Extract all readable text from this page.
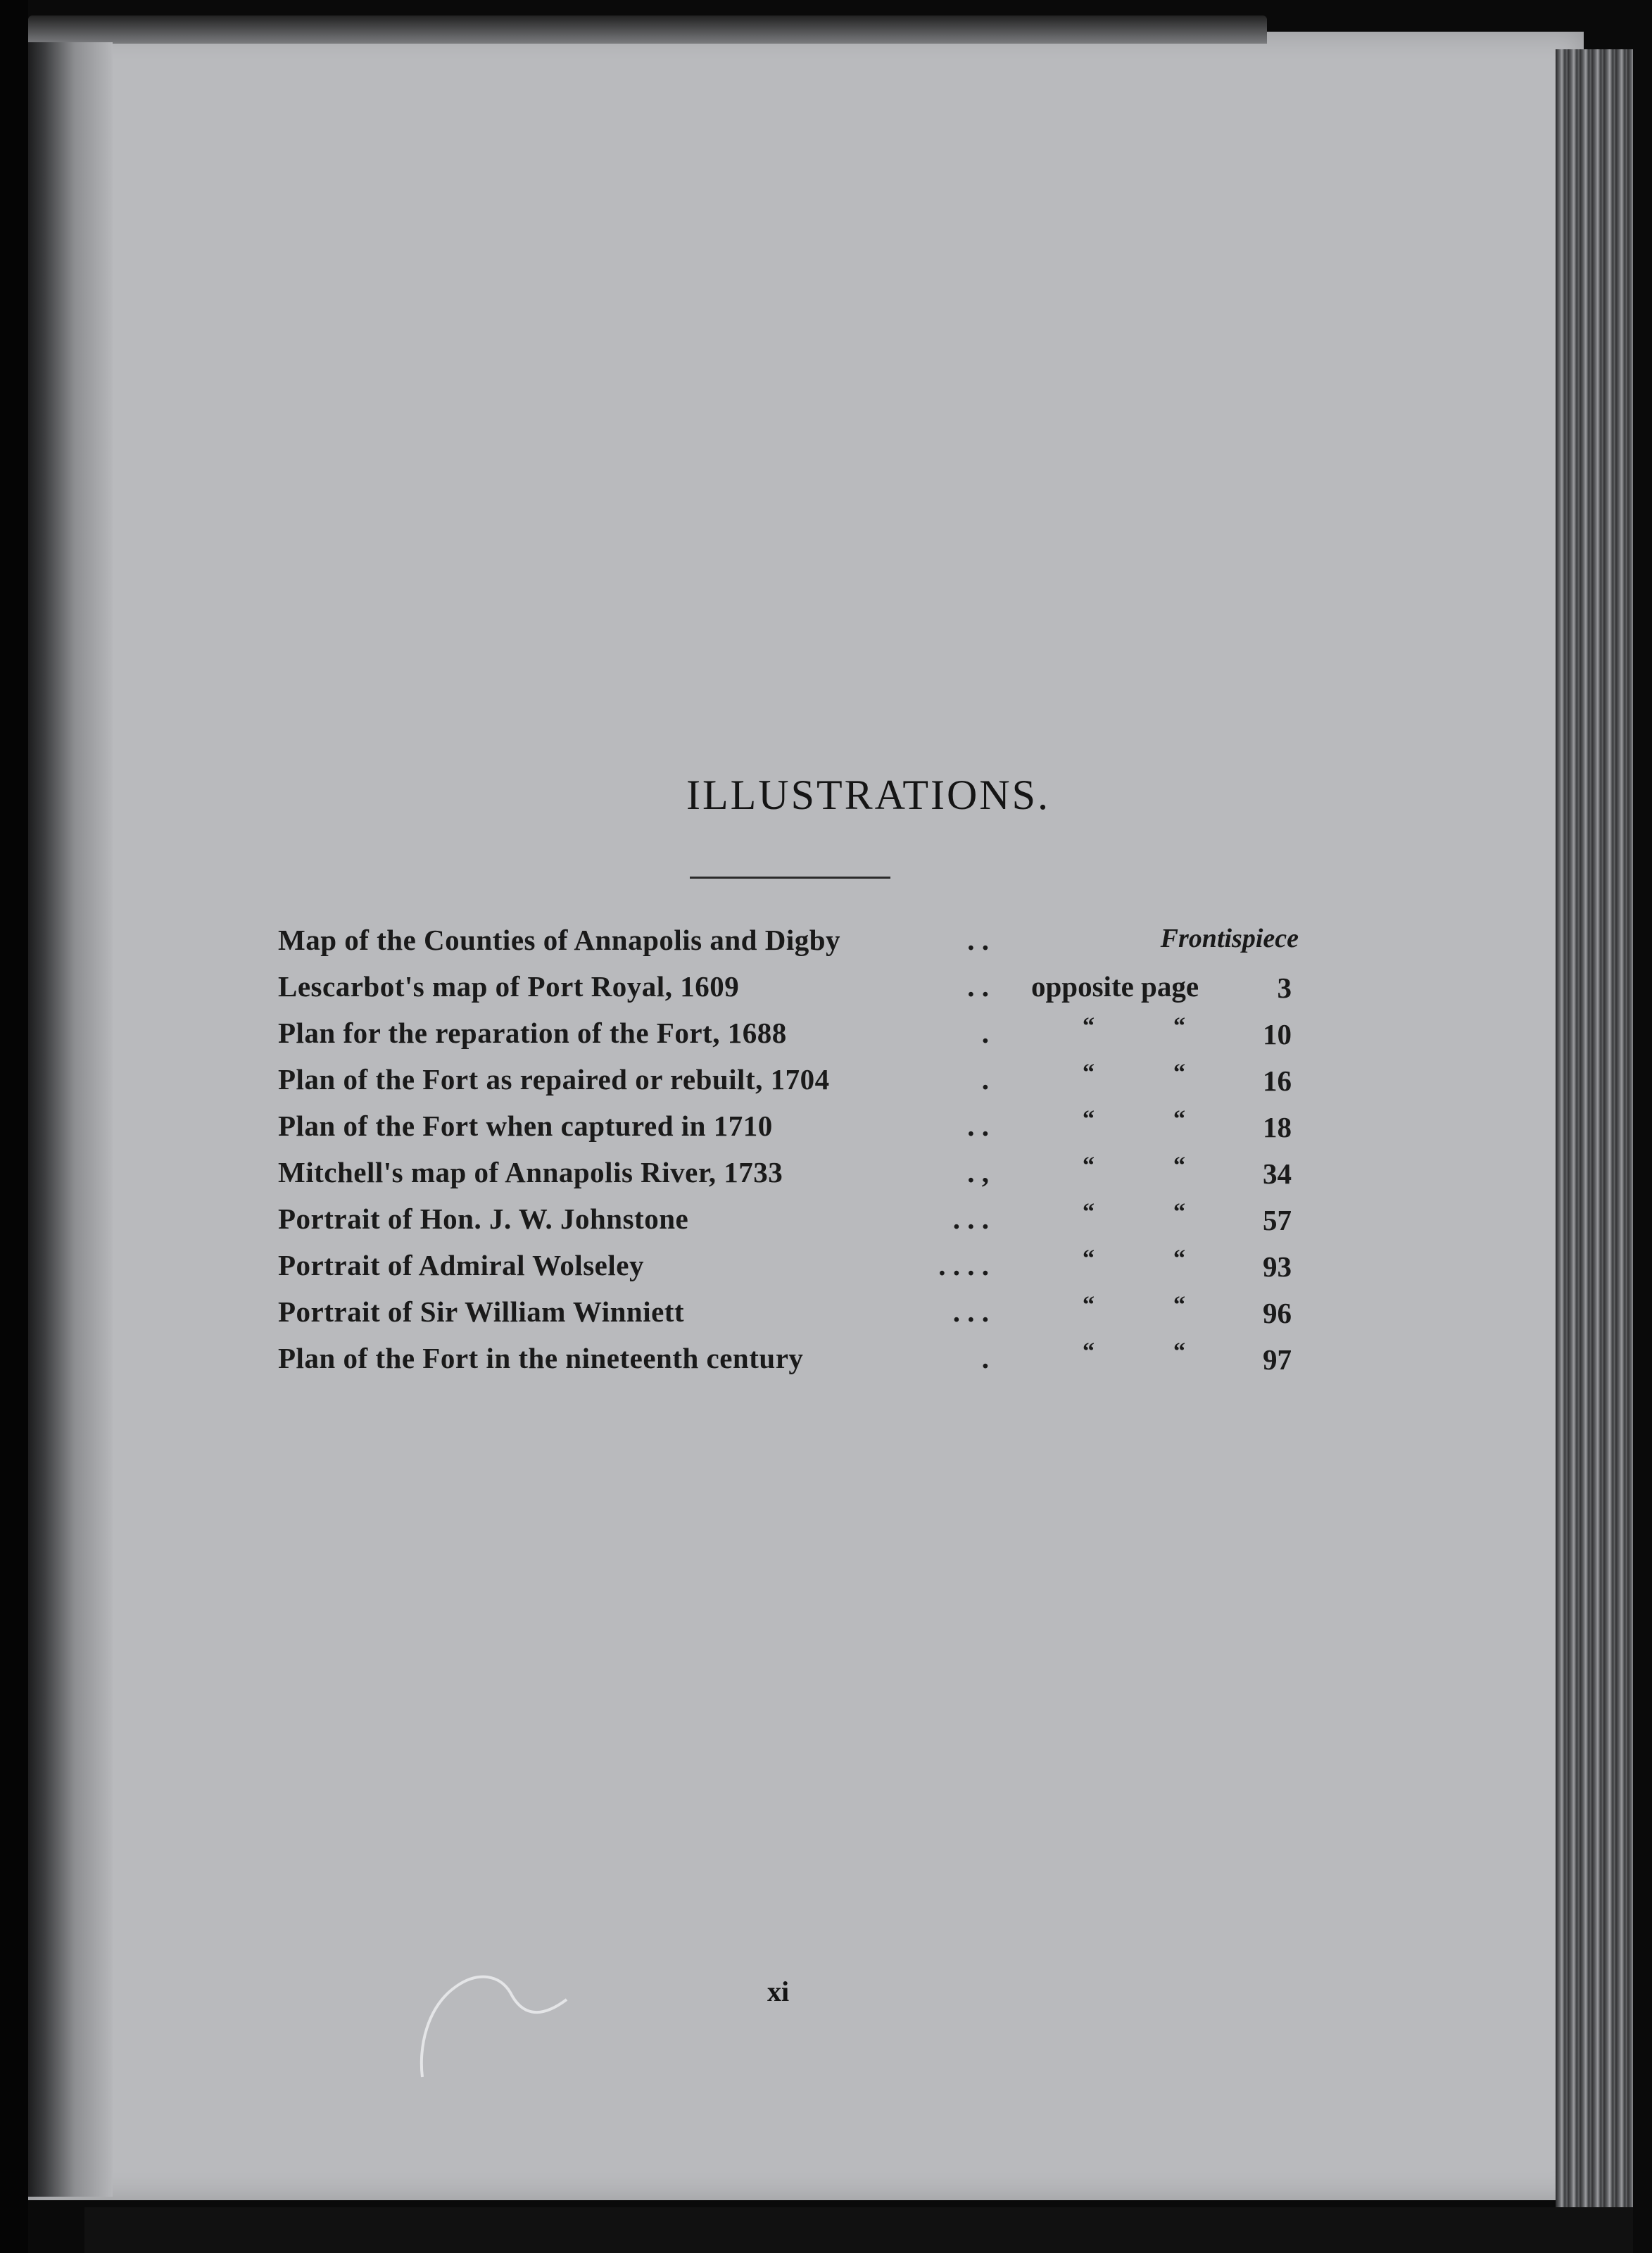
ILLUSTRATIONS.
Map of the Counties of Annapolis and Digby	. .	Frontispiece
Lescarbot's map of Port Royal, 1609	. . opposite page	3
Plan for the reparation of the Fort, 1688	.	“	“	10
Plan of the Fort as repaired or rebuilt, 1704	.	“	“	16
Plan of the Fort when captured in 1710	. .	“	“	18
Mitchell's map of Annapolis River, 1733	. ,	“	“	34
Portrait of Hon. J. W. Johnstone	. . .	“	“	57
Portrait of Admiral Wolseley	. . . .	“	“	93
Portrait of Sir William Winniett	. . .	“	“	96
Plan of the Fort in the nineteenth century	.	“	“	97
xi
